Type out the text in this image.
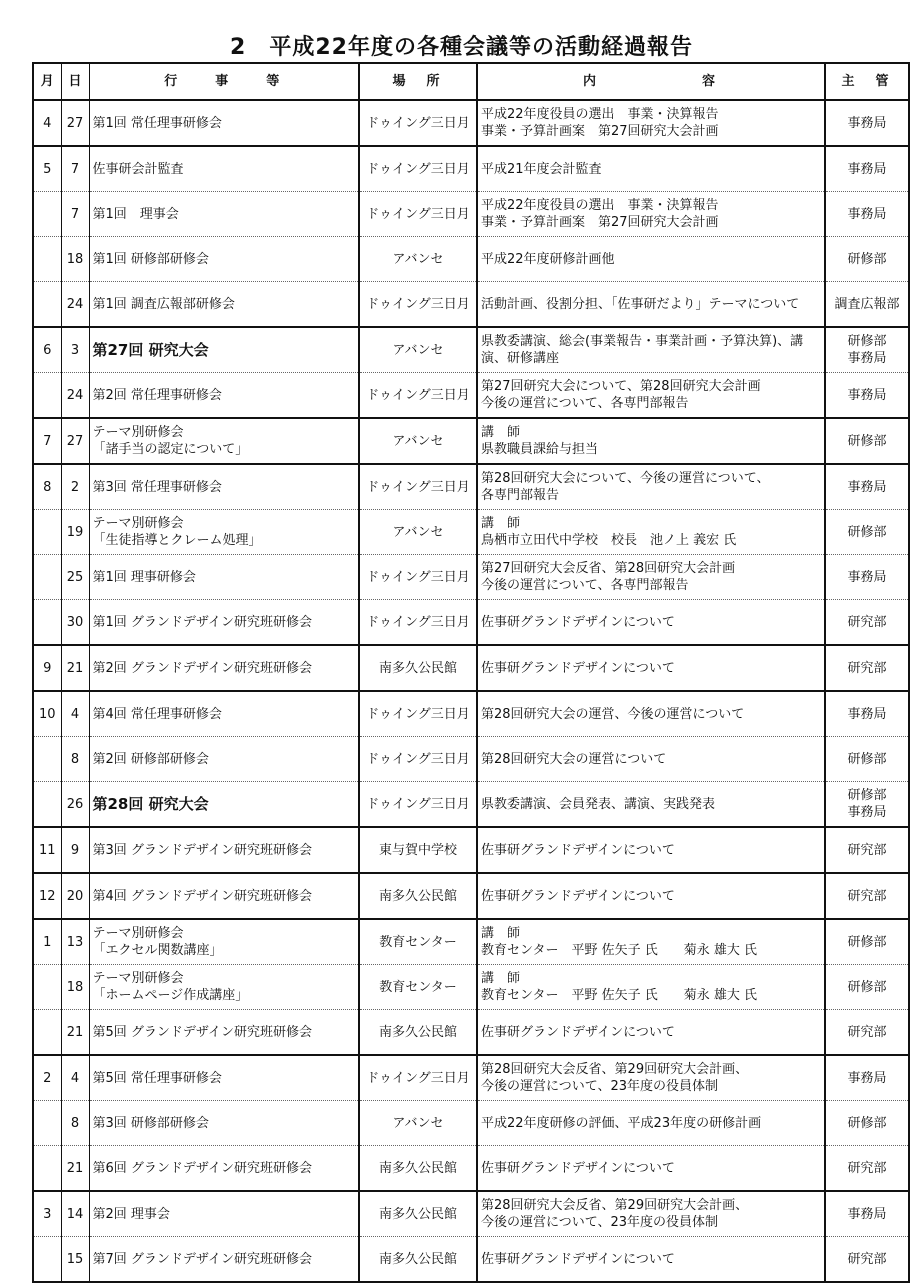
2　平成22年度の各種会議等の活動経過報告
月	日	行　　事　　等	場　所	内　　　　　　容	主　管
4	27	第1回 常任理事研修会	ドゥイング三日月	平成22年度役員の選出　事業・決算報告
事業・予算計画案　第27回研究大会計画	事務局
5	7	佐事研会計監査	ドゥイング三日月	平成21年度会計監査	事務局
	7	第1回　理事会	ドゥイング三日月	平成22年度役員の選出　事業・決算報告
事業・予算計画案　第27回研究大会計画	事務局
	18	第1回 研修部研修会	アバンセ	平成22年度研修計画他	研修部
	24	第1回 調査広報部研修会	ドゥイング三日月	活動計画、役割分担、「佐事研だより」テーマについて	調査広報部
6	3	第27回 研究大会	アバンセ	県教委講演、総会(事業報告・事業計画・予算決算)、講
演、研修講座	研修部
事務局
	24	第2回 常任理事研修会	ドゥイング三日月	第27回研究大会について、第28回研究大会計画
今後の運営について、各専門部報告	事務局
7	27	テーマ別研修会
「諸手当の認定について」	アバンセ	講　師
県教職員課給与担当	研修部
8	2	第3回 常任理事研修会	ドゥイング三日月	第28回研究大会について、今後の運営について、
各専門部報告	事務局
	19	テーマ別研修会
「生徒指導とクレーム処理」	アバンセ	講　師
鳥栖市立田代中学校　校長　池ノ上 義宏 氏	研修部
	25	第1回 理事研修会	ドゥイング三日月	第27回研究大会反省、第28回研究大会計画
今後の運営について、各専門部報告	事務局
	30	第1回 グランドデザイン研究班研修会	ドゥイング三日月	佐事研グランドデザインについて	研究部
9	21	第2回 グランドデザイン研究班研修会	南多久公民館	佐事研グランドデザインについて	研究部
10	4	第4回 常任理事研修会	ドゥイング三日月	第28回研究大会の運営、今後の運営について	事務局
	8	第2回 研修部研修会	ドゥイング三日月	第28回研究大会の運営について	研修部
	26	第28回 研究大会	ドゥイング三日月	県教委講演、会員発表、講演、実践発表	研修部
事務局
11	9	第3回 グランドデザイン研究班研修会	東与賀中学校	佐事研グランドデザインについて	研究部
12	20	第4回 グランドデザイン研究班研修会	南多久公民館	佐事研グランドデザインについて	研究部
1	13	テーマ別研修会
「エクセル関数講座」	教育センター	講　師
教育センター　平野 佐矢子 氏　　菊永 雄大 氏	研修部
	18	テーマ別研修会
「ホームページ作成講座」	教育センター	講　師
教育センター　平野 佐矢子 氏　　菊永 雄大 氏	研修部
	21	第5回 グランドデザイン研究班研修会	南多久公民館	佐事研グランドデザインについて	研究部
2	4	第5回 常任理事研修会	ドゥイング三日月	第28回研究大会反省、第29回研究大会計画、
今後の運営について、23年度の役員体制	事務局
	8	第3回 研修部研修会	アバンセ	平成22年度研修の評価、平成23年度の研修計画	研修部
	21	第6回 グランドデザイン研究班研修会	南多久公民館	佐事研グランドデザインについて	研究部
3	14	第2回 理事会	南多久公民館	第28回研究大会反省、第29回研究大会計画、
今後の運営について、23年度の役員体制	事務局
	15	第7回 グランドデザイン研究班研修会	南多久公民館	佐事研グランドデザインについて	研究部
